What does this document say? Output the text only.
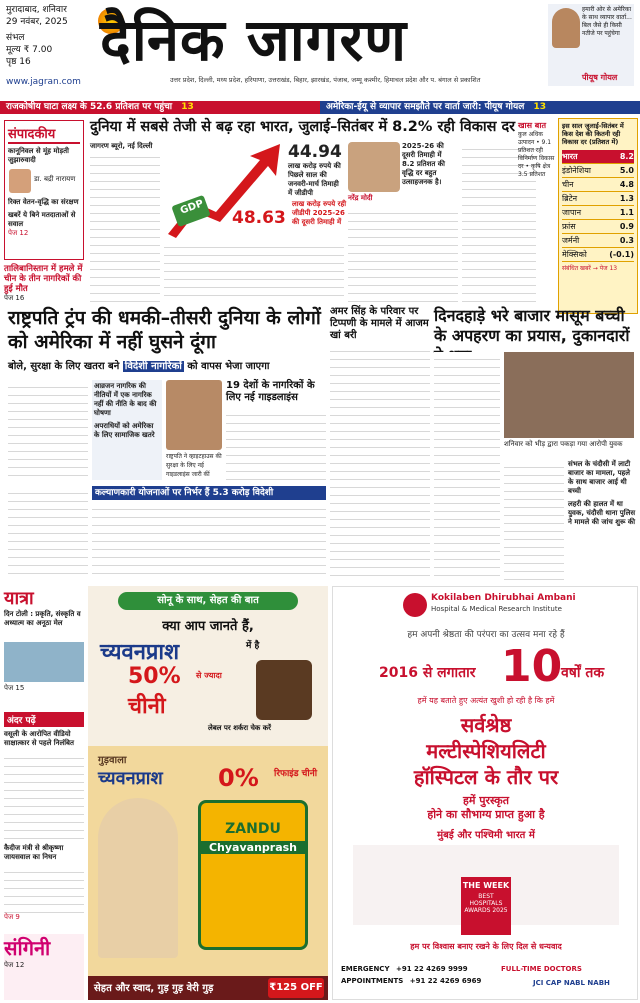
मुरादाबाद, शनिवार
29 नवंबर, 2025
संभल
मूल्य ₹ 7.00
पृष्ठ 16
www.jagran.com
दैनिक जागरण
उत्तर प्रदेश, दिल्ली, मध्य प्रदेश, हरियाणा, उत्तराखंड, बिहार, झारखंड, पंजाब, जम्मू कश्मीर, हिमाचल प्रदेश और प. बंगाल से प्रकाशित
हमारी ओर से अमेरिका के साथ व्यापार वार्ता... बिल जैसे ही किसी नतीजे पर पहुंचेगा
पीयूष गोयल
राजकोषीय घाटा लक्ष्य के 52.6 प्रतिशत पर पहुंचा 13	अमेरिका-ईयू से व्यापार समझौते पर वार्ता जारी: पीयूष गोयल 13
संपादकीय
कानूनिवल से मूंह मोड़ती जुझारुवादी
डा. बद्री नारायण
रिक्त वेतन-वृद्धि का संरक्षण
खबरें ये बिने मतदाताओं से सवाल
पेज 12
तालिबानिस्तान में हमले में चीन के तीन नागरिकों की हुई मौत
पेज 16
दुनिया में सबसे तेजी से बढ़ रहा भारत, जुलाई–सितंबर में 8.2% रही विकास दर
जागरण ब्यूरो, नई दिल्ली
GDP
44.94
लाख करोड़ रुपये की पिछले साल की जनवरी-मार्च तिमाही में जीडीपी
48.63
लाख करोड़ रुपये रही जीडीपी 2025-26 की दूसरी तिमाही में
2025-26 की दूसरी तिमाही में 8.2 प्रतिशत की वृद्धि दर बहुत उत्साहजनक है।
नरेंद्र मोदी
खास बात
कुल अधिक उत्पादन • 9.1 प्रतिशत रही विनिर्माण विकास दर • कृषि क्षेत्र 3.5 प्रतिशत
इस साल जुलाई-सितंबर में किस देश की कितनी रही विकास दर (प्रतिशत में)
भारत	8.2
इंडोनेशिया	5.0
चीन	4.8
ब्रिटेन	1.3
जापान	1.1
फ्रांस	0.9
जर्मनी	0.3
मेक्सिको	(-0.1)
संबंधित खबरें → पेज 13
राष्ट्रपति ट्रंप की धमकी–तीसरी दुनिया के लोगों को अमेरिका में नहीं घुसने दूंगा
बोले, सुरक्षा के लिए खतरा बने विदेशी नागरिकों को वापस भेजा जाएगा
आव्रजन नागरिक की नीतियों में एक नागरिक नहीं की नीति के बाद की घोषणा
अपराधियों को अमेरिका के लिए सामाजिक खतरे
राष्ट्रपति ने व्हाइटहाउस की सुरक्षा के लिए नई गाइडलाइंस जारी कीं
19 देशों के नागरिकों के लिए नई गाइडलाइंस
कल्याणकारी योजनाओं पर निर्भर हैं 5.3 करोड़ विदेशी
अमर सिंह के परिवार पर टिप्पणी के मामले में आजम खां बरी
दिनदहाड़े भरे बाजार मासूम बच्ची के अपहरण का प्रयास, दुकानदारों
शनिवार को भीड़ द्वारा पकड़ा गया आरोपी युवक
संभल के चंदौसी में लाटी बाजार का मामला, पहले के साथ बाजार आई थी बच्ची
लहरी की हालत में था युवक, चंदौसी थाना पुलिस ने मामले की जांच शुरू की
यात्रा
दिन टोली : प्रकृति, संस्कृति व अध्यात्म का अनूठा मेल
पेज 15
अंदर पढ़ें
वसूली के आरोपित वीडियो साक्षात्कार से पहले निलंबित
कैदीज मंत्री से श्रीकृष्णा जायसवाल का निधन
पेज 9
संगिनी
पेज 12
सोनू के साथ, सेहत की बात
क्या आप जानते हैं,
च्यवनप्राश	में है
50% से ज्यादा
चीनी
लेबल पर शर्करा चेक करें
गुड़वाला
च्यवनप्राश 0% रिफाइंड चीनी
ZANDU
Chyavanprash
सेहत और स्वाद, गुड़ गुड़ वेरी गुड़	₹125 OFF
Kokilaben Dhirubhai Ambani
Hospital & Medical Research Institute
हम अपनी श्रेष्ठता की परंपरा का उत्सव मना रहे हैं
2016 से लगातार 10
वर्षों तक
हमें यह बताते हुए अत्यंत खुशी हो रही है कि हमें
सर्वश्रेष्ठ
मल्टीस्पेशियलिटी
हॉस्पिटल के तौर पर
हमें पुरस्कृत
होने का सौभाग्य प्राप्त हुआ है
मुंबई और पश्चिमी भारत में
THE WEEK
BEST HOSPITALS AWARDS 2025
हम पर विश्वास बनाए रखने के लिए दिल से धन्यवाद
EMERGENCY +91 22 4269 9999
APPOINTMENTS +91 22 4269 6969
FULL-TIME DOCTORS
JCI CAP NABL NABH
